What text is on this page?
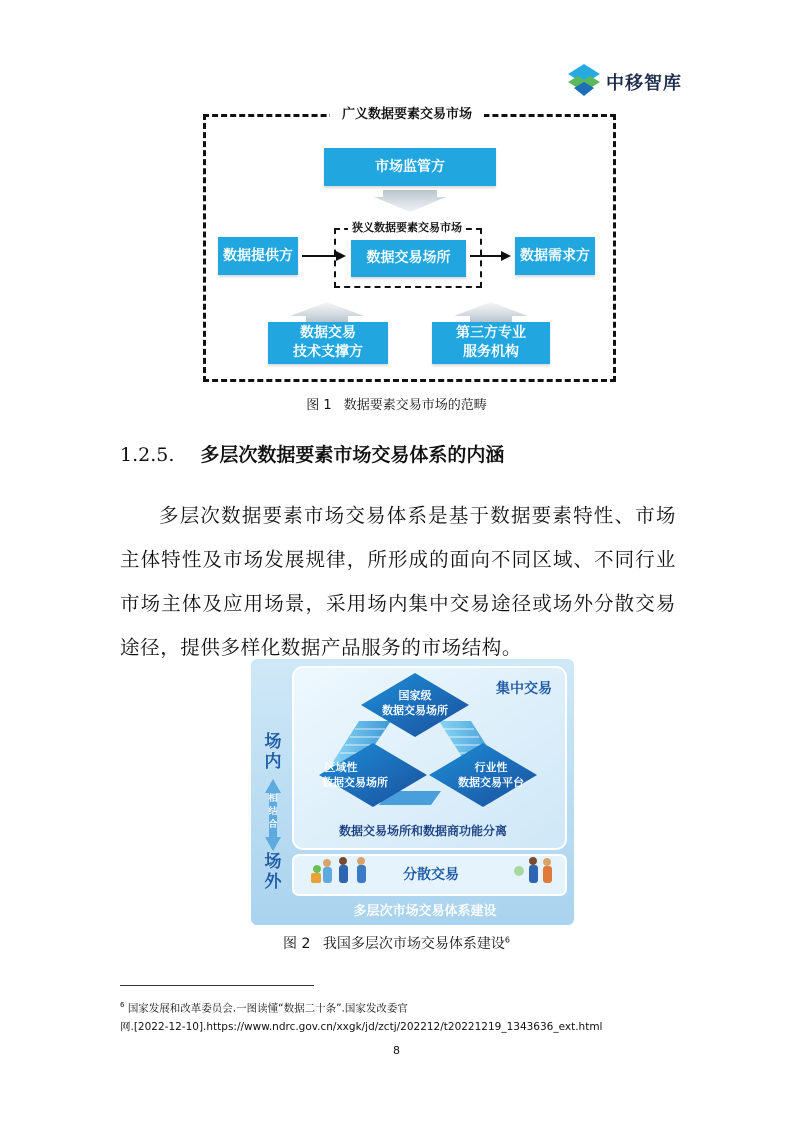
中移智库
广义数据要素交易市场
狭义数据要素交易市场
市场监管方
数据提供方	数据交易场所	数据需求方
数据交易
技术支撑方
第三方专业
服务机构
图 1 数据要素交易市场的范畴
1.2.5. 多层次数据要素市场交易体系的内涵
多层次数据要素市场交易体系是基于数据要素特性、市场主体特性及市场发展规律，所形成的面向不同区域、不同行业市场主体及应用场景，采用场内集中交易途径或场外分散交易途径，提供多样化数据产品服务的市场结构。
场内
相结合
场外
集中交易
国家级
数据交易场所
区域性
数据交易场所
行业性
数据交易平台
数据交易场所和数据商功能分离
分散交易
多层次市场交易体系建设
图 2 我国多层次市场交易体系建设$^6$
$^6$ 国家发展和改革委员会.一图读懂“数据二十条”.国家发改委官
网.[2022-12-10].https://www.ndrc.gov.cn/xxgk/jd/zctj/202212/t20221219_1343636_ext.html
8
